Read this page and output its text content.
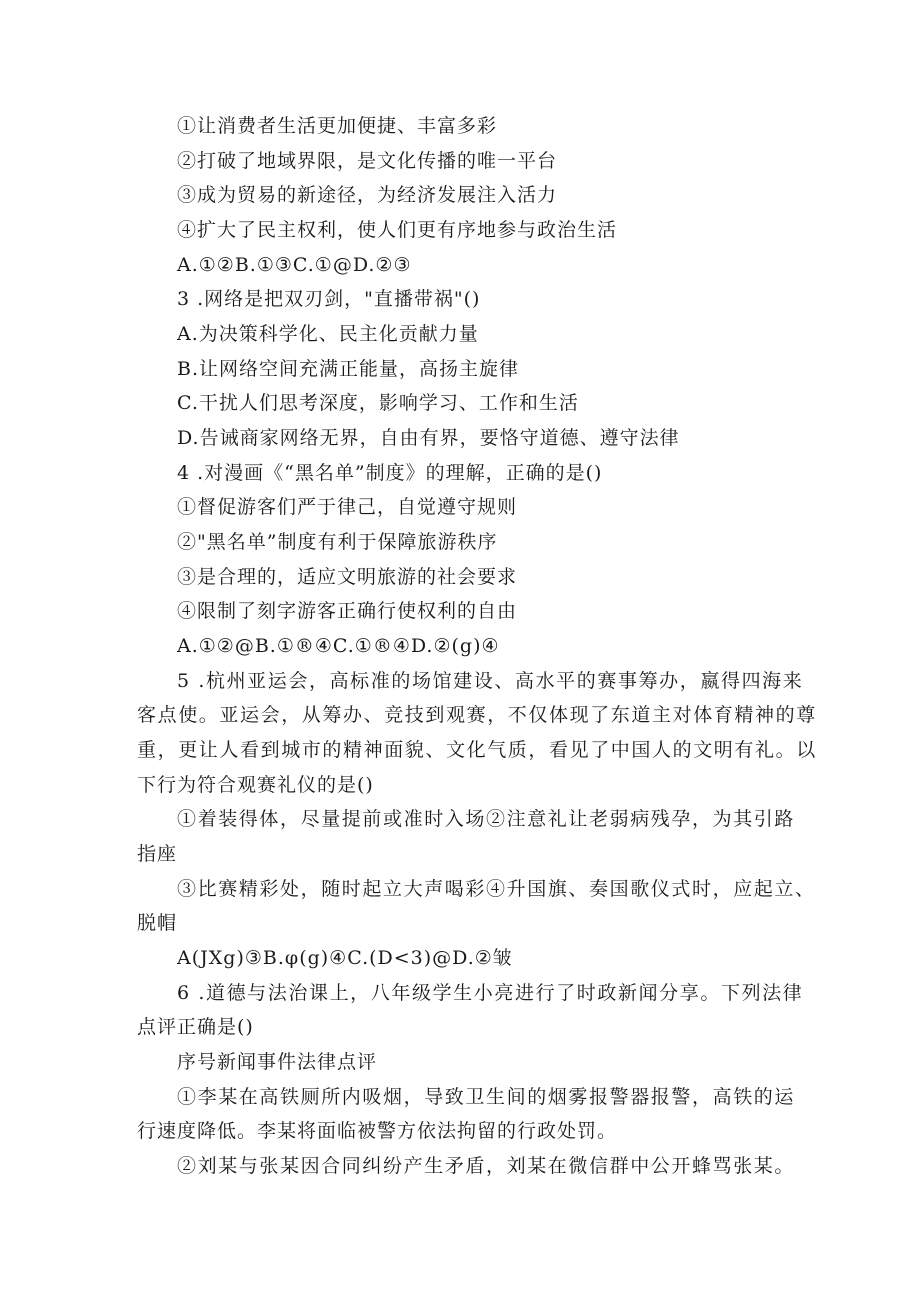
①让消费者生活更加便捷、丰富多彩
②打破了地域界限，是文化传播的唯一平台
③成为贸易的新途径，为经济发展注入活力
④扩大了民主权利，使人们更有序地参与政治生活
A.①②B.①③C.①@D.②③
3 .网络是把双刃剑，"直播带祸"()
A.为决策科学化、民主化贡献力量
B.让网络空间充满正能量，高扬主旋律
C.干扰人们思考深度，影响学习、工作和生活
D.告诫商家网络无界，自由有界，要恪守道德、遵守法律
4 .对漫画《“黑名单”制度》的理解，正确的是()
①督促游客们严于律己，自觉遵守规则
②"黑名单”制度有利于保障旅游秩序
③是合理的，适应文明旅游的社会要求
④限制了刻字游客正确行使权利的自由
A.①②@B.①®④C.①®④D.②(g)④
5 .杭州亚运会，高标准的场馆建设、高水平的赛事筹办，嬴得四海来
客点使。亚运会，从筹办、竞技到观赛，不仅体现了东道主对体育精神的尊
重，更让人看到城市的精神面貌、文化气质，看见了中国人的文明有礼。以
下行为符合观赛礼仪的是()
①着装得体，尽量提前或准时入场②注意礼让老弱病残孕，为其引路
指座
③比赛精彩处，随时起立大声喝彩④升国旗、奏国歌仪式时，应起立、
脱帽
A(JXg)③B.φ(g)④C.(D<3)@D.②皱
6 .道德与法治课上，八年级学生小亮进行了时政新闻分享。下列法律
点评正确是()
序号新闻事件法律点评
①李某在高铁厕所内吸烟，导致卫生间的烟雾报警器报警，高铁的运
行速度降低。李某将面临被警方依法拘留的行政处罚。
②刘某与张某因合同纠纷产生矛盾，刘某在微信群中公开蜂骂张某。
